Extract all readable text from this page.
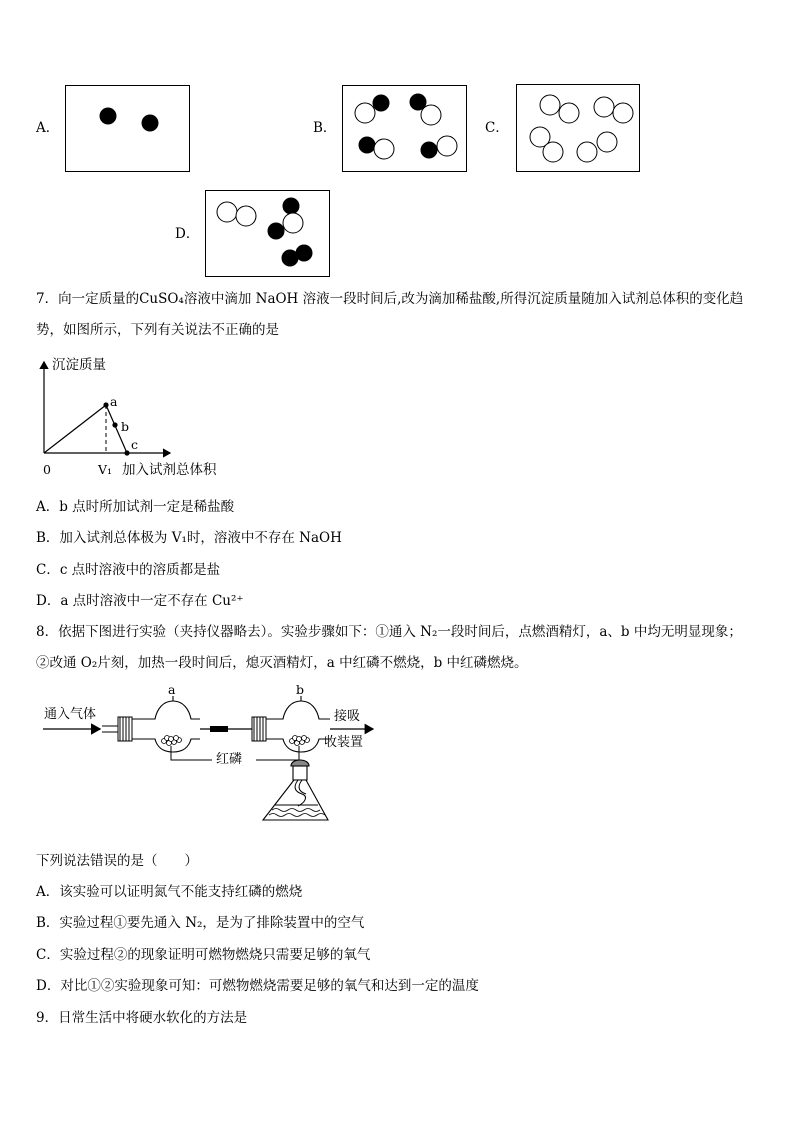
A．	B．	C．
D．
7．向一定质量的CuSO₄溶液中滴加 NaOH 溶液一段时间后,改为滴加稀盐酸,所得沉淀质量随加入试剂总体积的变化趋
势，如图所示，下列有关说法不正确的是
沉淀质量
a
b
c
0	V₁ 加入试剂总体积
A．b 点时所加试剂一定是稀盐酸
B．加入试剂总体极为 V₁时，溶液中不存在 NaOH
C．c 点时溶液中的溶质都是盐
D．a 点时溶液中一定不存在 Cu²⁺
8．依据下图进行实验（夹持仪器略去）。实验步骤如下：①通入 N₂一段时间后，点燃酒精灯，a、b 中均无明显现象；
②改通 O₂片刻，加热一段时间后，熄灭酒精灯，a 中红磷不燃烧，b 中红磷燃烧。
通入气体
a	b
接吸
收装置
红磷
下列说法错误的是（　　）
A．该实验可以证明氮气不能支持红磷的燃烧
B．实验过程①要先通入 N₂，是为了排除装置中的空气
C．实验过程②的现象证明可燃物燃烧只需要足够的氧气
D．对比①②实验现象可知：可燃物燃烧需要足够的氧气和达到一定的温度
9．日常生活中将硬水软化的方法是
